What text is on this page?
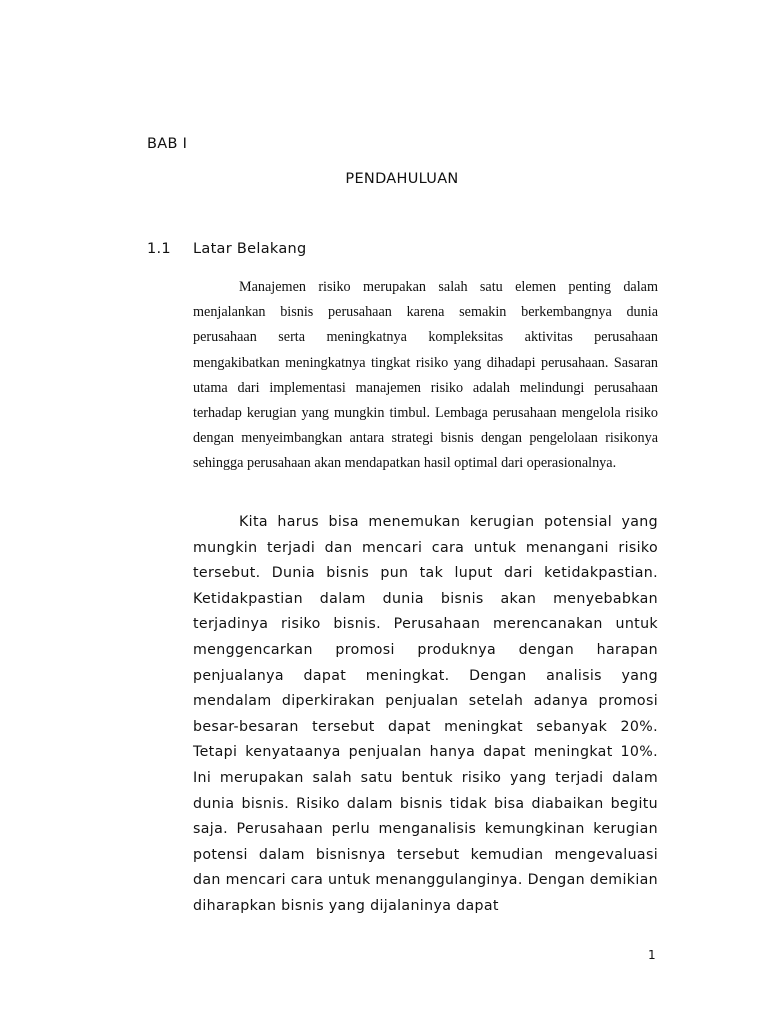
BAB I
PENDAHULUAN
1.1 Latar Belakang

Manajemen risiko merupakan salah satu elemen penting dalam menjalankan bisnis perusahaan karena semakin berkembangnya dunia perusahaan serta meningkatnya kompleksitas aktivitas perusahaan mengakibatkan meningkatnya tingkat risiko yang dihadapi perusahaan. Sasaran utama dari implementasi manajemen risiko adalah melindungi perusahaan terhadap kerugian yang mungkin timbul. Lembaga perusahaan mengelola risiko dengan menyeimbangkan antara strategi bisnis dengan pengelolaan risikonya sehingga perusahaan akan mendapatkan hasil optimal dari operasionalnya.

Kita harus bisa menemukan kerugian potensial yang mungkin terjadi dan mencari cara untuk menangani risiko tersebut. Dunia bisnis pun tak luput dari ketidakpastian. Ketidakpastian dalam dunia bisnis akan menyebabkan terjadinya risiko bisnis. Perusahaan merencanakan untuk menggencarkan promosi produknya dengan harapan penjualanya dapat meningkat. Dengan analisis yang mendalam diperkirakan penjualan setelah adanya promosi besar-besaran tersebut dapat meningkat sebanyak 20%. Tetapi kenyataanya penjualan hanya dapat meningkat 10%. Ini merupakan salah satu bentuk risiko yang terjadi dalam dunia bisnis. Risiko dalam bisnis tidak bisa diabaikan begitu saja. Perusahaan perlu menganalisis kemungkinan kerugian potensi dalam bisnisnya tersebut kemudian mengevaluasi dan mencari cara untuk menanggulanginya. Dengan demikian diharapkan bisnis yang dijalaninya dapat

1
